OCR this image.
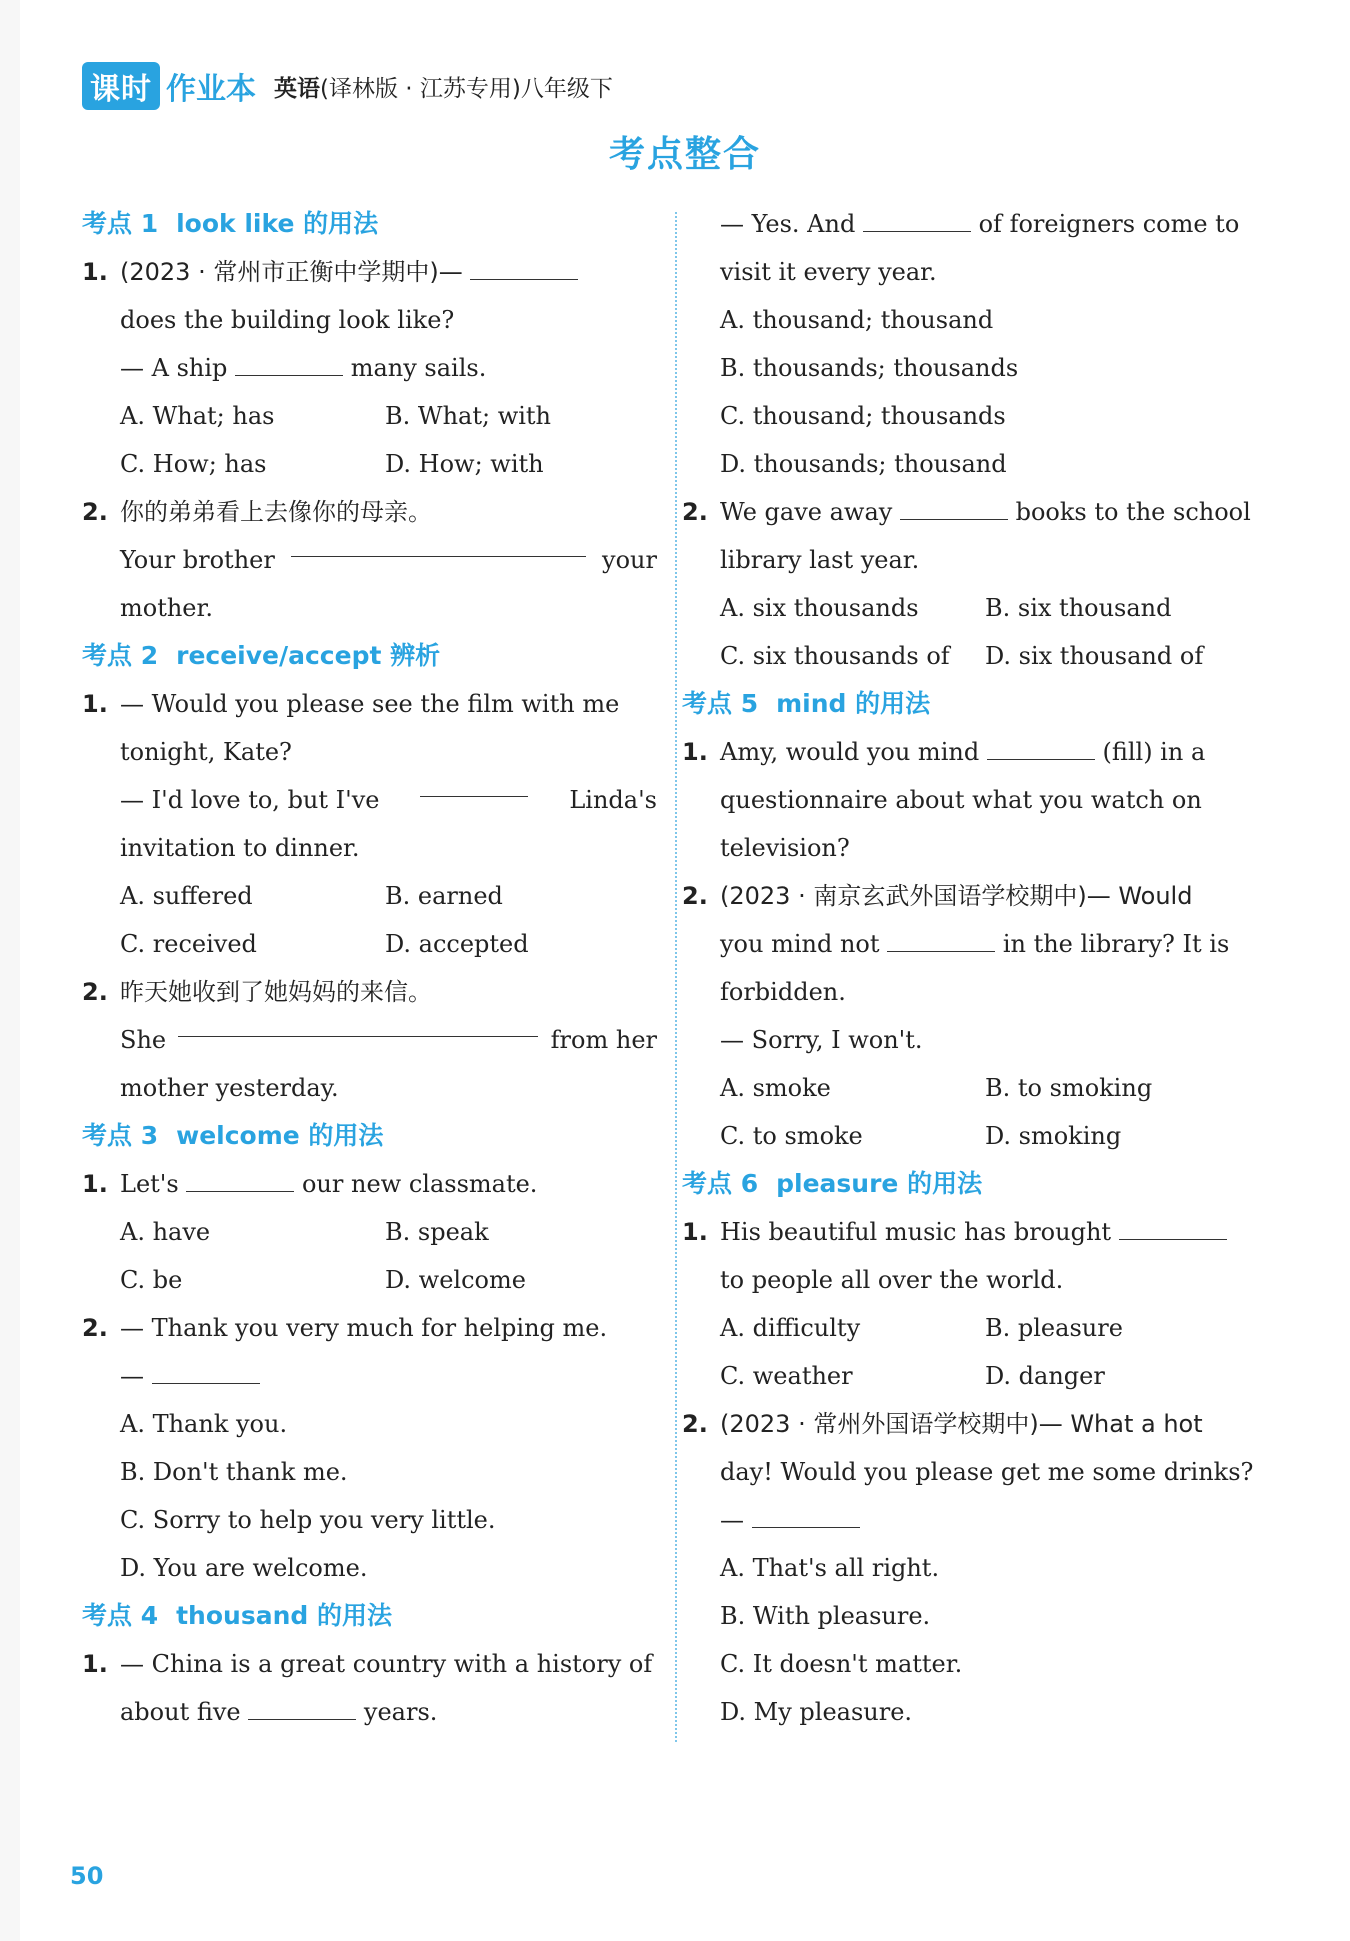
课时 作业本 英语(译林版 · 江苏专用)八年级下
考点整合
考点 1 look like 的用法
1. (2023 · 常州市正衡中学期中)—
does the building look like?
— A ship	many sails.
A. What; has	B. What; with
C. How; has	D. How; with
2. 你的弟弟看上去像你的母亲。
Your brother	your
mother.
考点 2 receive/accept 辨析
1. — Would you please see the film with me
tonight, Kate?
— I'd love to, but I've	Linda's
invitation to dinner.
A. suffered	B. earned
C. received	D. accepted
2. 昨天她收到了她妈妈的来信。
She	from her
mother yesterday.
考点 3 welcome 的用法
1. Let's	our new classmate.
A. have	B. speak
C. be	D. welcome
2. — Thank you very much for helping me.
—
A. Thank you.
B. Don't thank me.
C. Sorry to help you very little.
D. You are welcome.
考点 4 thousand 的用法
1. — China is a great country with a history of
about five	years.
— Yes. And	of foreigners come to
visit it every year.
A. thousand; thousand
B. thousands; thousands
C. thousand; thousands
D. thousands; thousand
2. We gave away	books to the school
library last year.
A. six thousands	B. six thousand
C. six thousands of	D. six thousand of
考点 5 mind 的用法
1. Amy, would you mind	(fill) in a
questionnaire about what you watch on
television?
2. (2023 · 南京玄武外国语学校期中)— Would
you mind not	in the library? It is
forbidden.
— Sorry, I won't.
A. smoke	B. to smoking
C. to smoke	D. smoking
考点 6 pleasure 的用法
1. His beautiful music has brought
to people all over the world.
A. difficulty	B. pleasure
C. weather	D. danger
2. (2023 · 常州外国语学校期中)— What a hot
day! Would you please get me some drinks?
—
A. That's all right.
B. With pleasure.
C. It doesn't matter.
D. My pleasure.
50
